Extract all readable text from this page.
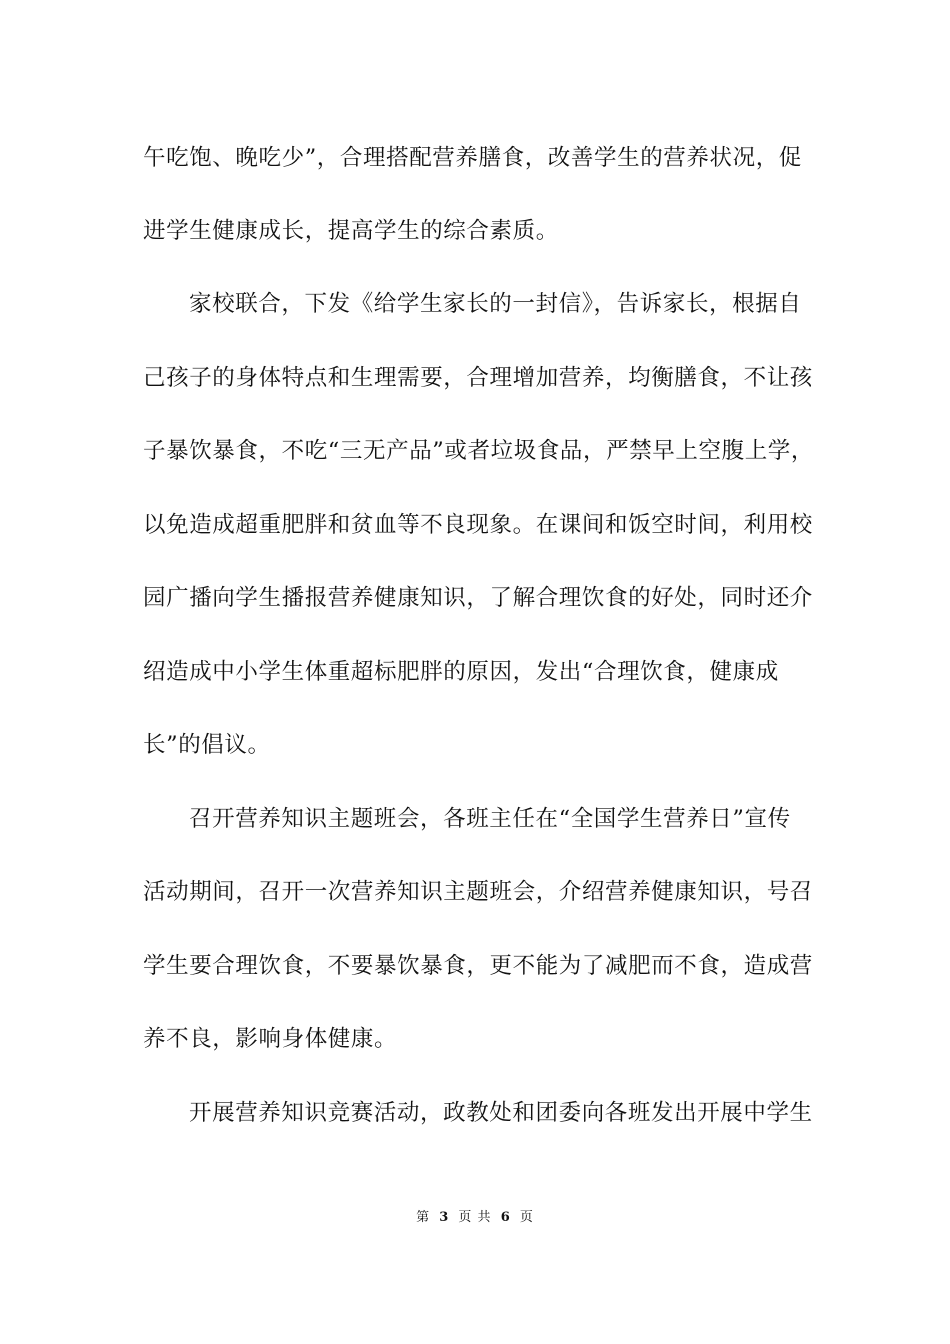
午吃饱、晚吃少”，合理搭配营养膳食，改善学生的营养状况，促
进学生健康成长，提高学生的综合素质。
家校联合，下发《给学生家长的一封信》，告诉家长，根据自
己孩子的身体特点和生理需要，合理增加营养，均衡膳食，不让孩
子暴饮暴食，不吃“三无产品”或者垃圾食品，严禁早上空腹上学，
以免造成超重肥胖和贫血等不良现象。在课间和饭空时间，利用校
园广播向学生播报营养健康知识，了解合理饮食的好处，同时还介
绍造成中小学生体重超标肥胖的原因，发出“合理饮食，健康成
长”的倡议。
召开营养知识主题班会，各班主任在“全国学生营养日”宣传
活动期间，召开一次营养知识主题班会，介绍营养健康知识，号召
学生要合理饮食，不要暴饮暴食，更不能为了减肥而不食，造成营
养不良，影响身体健康。
开展营养知识竞赛活动，政教处和团委向各班发出开展中学生
第 3 页 共 6 页
